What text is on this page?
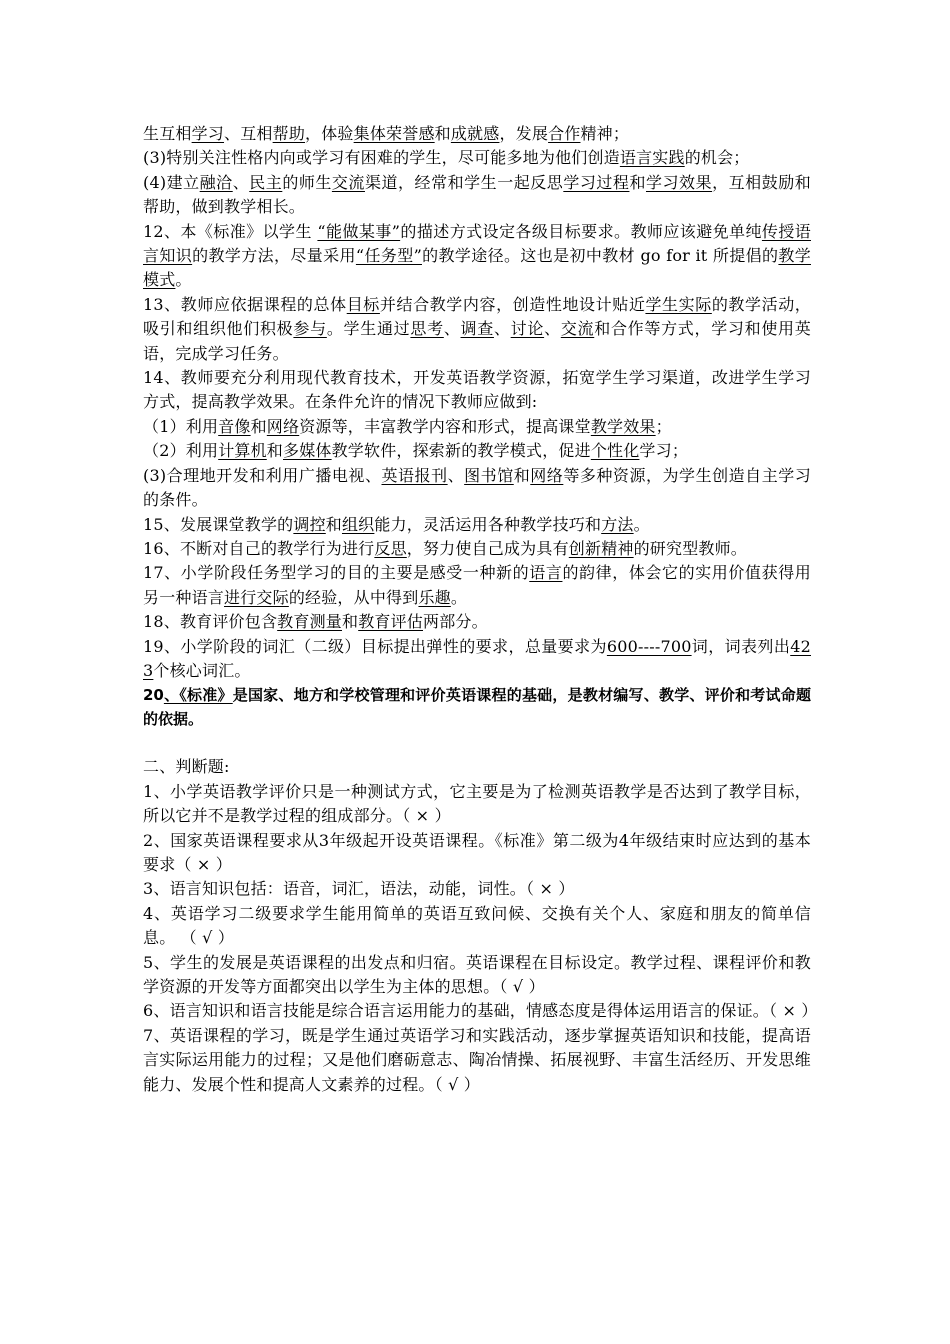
生互相学习、互相帮助，体验集体荣誉感和成就感，发展合作精神；

(3)特别关注性格内向或学习有困难的学生，尽可能多地为他们创造语言实践的机会；

(4)建立融洽、民主的师生交流渠道，经常和学生一起反思学习过程和学习效果，互相鼓励和帮助，做到教学相长。

12、本《标准》以学生 “能做某事”的描述方式设定各级目标要求。教师应该避免单纯传授语言知识的教学方法，尽量采用“任务型”的教学途径。这也是初中教材 go for it 所提倡的教学模式。

13、教师应依据课程的总体目标并结合教学内容，创造性地设计贴近学生实际的教学活动，吸引和组织他们积极参与。学生通过思考、调查、讨论、交流和合作等方式，学习和使用英语，完成学习任务。

14、教师要充分利用现代教育技术，开发英语教学资源，拓宽学生学习渠道，改进学生学习方式，提高教学效果。在条件允许的情况下教师应做到:

（1）利用音像和网络资源等，丰富教学内容和形式，提高课堂教学效果；

（2）利用计算机和多媒体教学软件，探索新的教学模式，促进个性化学习；

(3)合理地开发和利用广播电视、英语报刊、图书馆和网络等多种资源，为学生创造自主学习的条件。

15、发展课堂教学的调控和组织能力，灵活运用各种教学技巧和方法。

16、不断对自己的教学行为进行反思，努力使自己成为具有创新精神的研究型教师。

17、小学阶段任务型学习的目的主要是感受一种新的语言的韵律，体会它的实用价值获得用另一种语言进行交际的经验，从中得到乐趣。

18、教育评价包含教育测量和教育评估两部分。

19、小学阶段的词汇（二级）目标提出弹性的要求，总量要求为600----700词，词表列出423个核心词汇。

20、《标准》是国家、地方和学校管理和评价英语课程的基础，是教材编写、教学、评价和考试命题的依据。

二、判断题:

1、小学英语教学评价只是一种测试方式，它主要是为了检测英语教学是否达到了教学目标，所以它并不是教学过程的组成部分。（ × ）

2、国家英语课程要求从3年级起开设英语课程。《标准》第二级为4年级结束时应达到的基本要求（ × ）

3、语言知识包括：语音，词汇，语法，动能，词性。（ × ）

4、英语学习二级要求学生能用简单的英语互致问候、交换有关个人、家庭和朋友的简单信息。 （ √ ）

5、学生的发展是英语课程的出发点和归宿。英语课程在目标设定。教学过程、课程评价和教学资源的开发等方面都突出以学生为主体的思想。（ √ ）

6、语言知识和语言技能是综合语言运用能力的基础，情感态度是得体运用语言的保证。（ × ）

7、英语课程的学习，既是学生通过英语学习和实践活动，逐步掌握英语知识和技能，提高语言实际运用能力的过程；又是他们磨砺意志、陶冶情操、拓展视野、丰富生活经历、开发思维能力、发展个性和提高人文素养的过程。（ √ ）
